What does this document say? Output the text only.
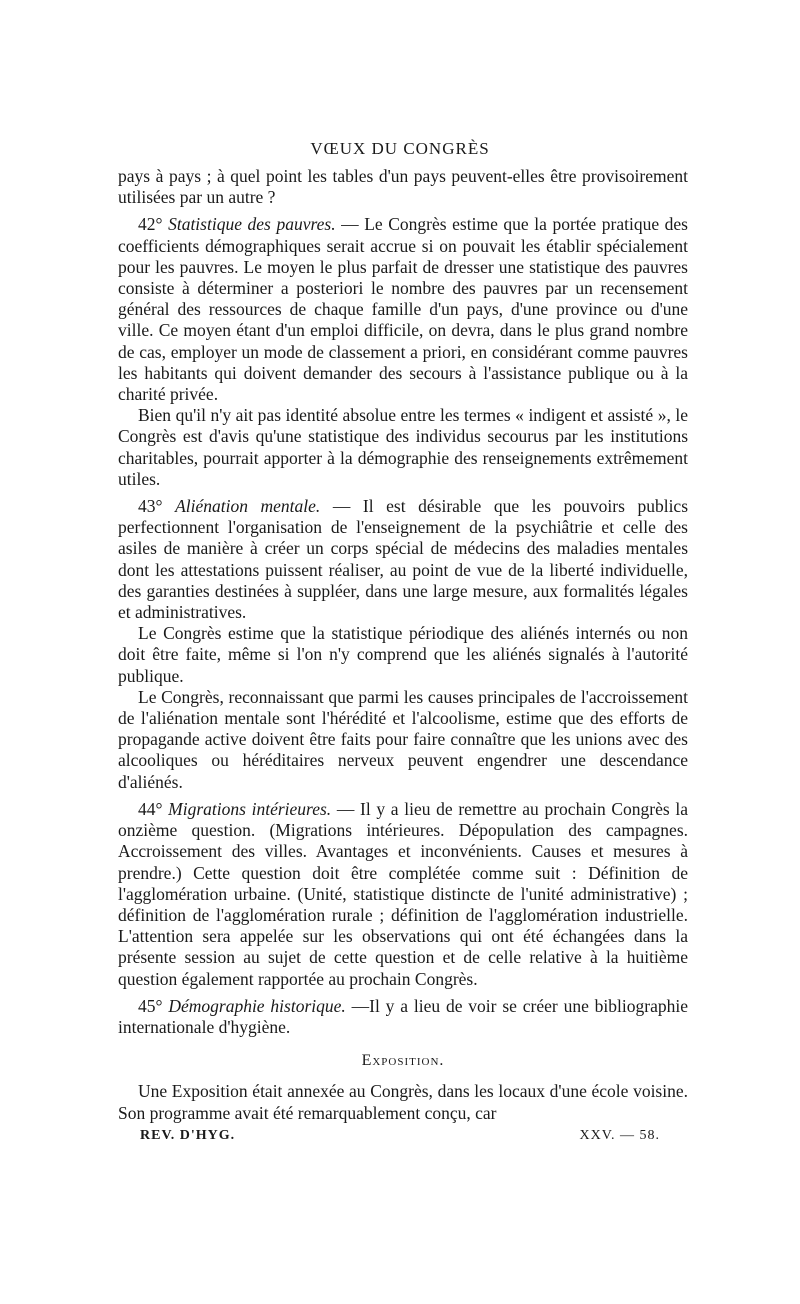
VŒUX DU CONGRÈS

pays à pays ; à quel point les tables d'un pays peuvent-elles être provisoirement utilisées par un autre ?

42° Statistique des pauvres. — Le Congrès estime que la portée pratique des coefficients démographiques serait accrue si on pouvait les établir spécialement pour les pauvres. Le moyen le plus parfait de dresser une statistique des pauvres consiste à déterminer a posteriori le nombre des pauvres par un recensement général des ressources de chaque famille d'un pays, d'une province ou d'une ville. Ce moyen étant d'un emploi difficile, on devra, dans le plus grand nombre de cas, employer un mode de classement a priori, en considérant comme pauvres les habitants qui doivent demander des secours à l'assistance publique ou à la charité privée.

Bien qu'il n'y ait pas identité absolue entre les termes « indigent et assisté », le Congrès est d'avis qu'une statistique des individus secourus par les institutions charitables, pourrait apporter à la démographie des renseignements extrêmement utiles.

43° Aliénation mentale. — Il est désirable que les pouvoirs publics perfectionnent l'organisation de l'enseignement de la psychiâtrie et celle des asiles de manière à créer un corps spécial de médecins des maladies mentales dont les attestations puissent réaliser, au point de vue de la liberté individuelle, des garanties destinées à suppléer, dans une large mesure, aux formalités légales et administratives.

Le Congrès estime que la statistique périodique des aliénés internés ou non doit être faite, même si l'on n'y comprend que les aliénés signalés à l'autorité publique.

Le Congrès, reconnaissant que parmi les causes principales de l'accroissement de l'aliénation mentale sont l'hérédité et l'alcoolisme, estime que des efforts de propagande active doivent être faits pour faire connaître que les unions avec des alcooliques ou héréditaires nerveux peuvent engendrer une descendance d'aliénés.

44° Migrations intérieures. — Il y a lieu de remettre au prochain Congrès la onzième question. (Migrations intérieures. Dépopulation des campagnes. Accroissement des villes. Avantages et inconvénients. Causes et mesures à prendre.) Cette question doit être complétée comme suit : Définition de l'agglomération urbaine. (Unité, statistique distincte de l'unité administrative) ; définition de l'agglomération rurale ; définition de l'agglomération industrielle. L'attention sera appelée sur les observations qui ont été échangées dans la présente session au sujet de cette question et de celle relative à la huitième question également rapportée au prochain Congrès.

45° Démographie historique. —Il y a lieu de voir se créer une bibliographie internationale d'hygiène.

Exposition.

Une Exposition était annexée au Congrès, dans les locaux d'une école voisine. Son programme avait été remarquablement conçu, car

REV. D'HYG.	XXV. — 58.
